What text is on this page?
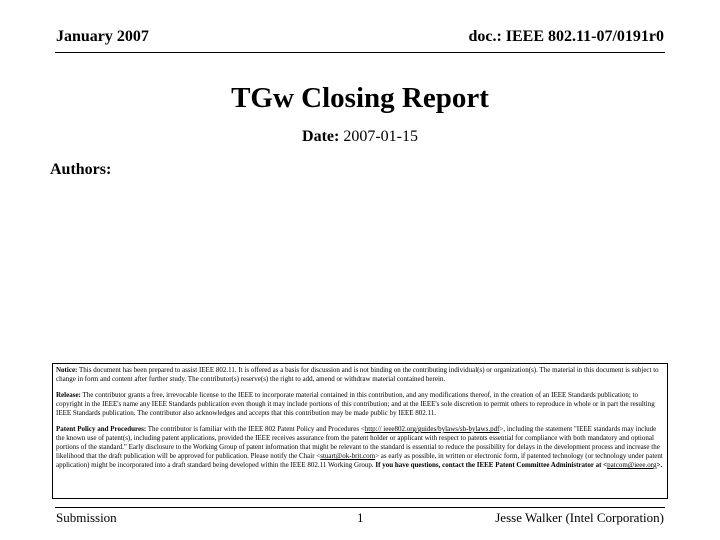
January 2007	doc.: IEEE 802.11-07/0191r0
TGw Closing Report
Date: 2007-01-15
Authors:

Notice: This document has been prepared to assist IEEE 802.11. It is offered as a basis for discussion and is not binding on the contributing individual(s) or organization(s). The material in this document is subject to change in form and content after further study. The contributor(s) reserve(s) the right to add, amend or withdraw material contained herein.

Release: The contributor grants a free, irrevocable license to the IEEE to incorporate material contained in this contribution, and any modifications thereof, in the creation of an IEEE Standards publication; to copyright in the IEEE's name any IEEE Standards publication even though it may include portions of this contribution; and at the IEEE's sole discretion to permit others to reproduce in whole or in part the resulting IEEE Standards publication. The contributor also acknowledges and accepts that this contribution may be made public by IEEE 802.11.

Patent Policy and Procedures: The contributor is familiar with the IEEE 802 Patent Policy and Procedures <http:// ieee802.org/guides/bylaws/sb-bylaws.pdf>, including the statement "IEEE standards may include the known use of patent(s), including patent applications, provided the IEEE receives assurance from the patent holder or applicant with respect to patents essential for compliance with both mandatory and optional portions of the standard." Early disclosure to the Working Group of patent information that might be relevant to the standard is essential to reduce the possibility for delays in the development process and increase the likelihood that the draft publication will be approved for publication. Please notify the Chair <stuart@ok-brit.com> as early as possible, in written or electronic form, if patented technology (or technology under patent application) might be incorporated into a draft standard being developed within the IEEE 802.11 Working Group. If you have questions, contact the IEEE Patent Committee Administrator at <patcom@ieee.org>.

Submission	1	Jesse Walker (Intel Corporation)
